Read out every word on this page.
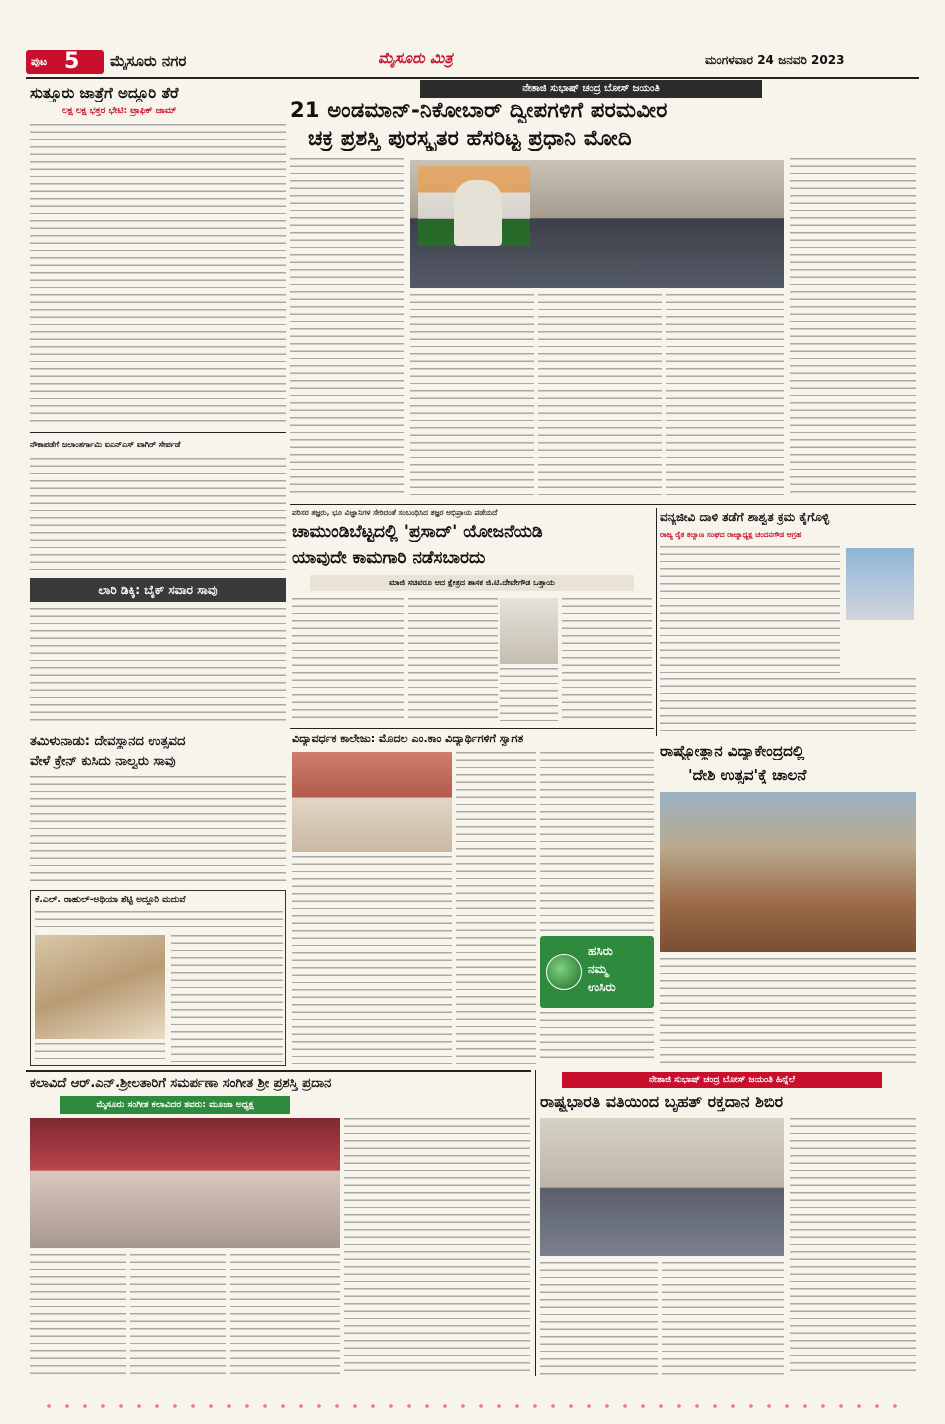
ಪುಟ 5 ಮೈಸೂರು ನಗರ	ಮೈಸೂರು ಮಿತ್ರ	ಮಂಗಳವಾರ 24 ಜನವರಿ 2023
ಸುತ್ತೂರು ಜಾತ್ರೆಗೆ ಅದ್ಧೂರಿ ತೆರೆ
ಲಕ್ಷ ಲಕ್ಷ ಭಕ್ತರ ಭೇಟಿ: ಟ್ರಾಫಿಕ್ ಜಾಮ್
ನೌಕಾಪಡೆಗೆ ಜಲಾಂತರ್ಗಾಮಿ ಐಎನ್‌ಎಸ್ ವಾಗಿರ್ ಸೇರ್ಪಡೆ
ಲಾರಿ ಡಿಕ್ಕಿ: ಬೈಕ್ ಸವಾರ ಸಾವು
ತಮಿಳುನಾಡು: ದೇವಸ್ಥಾನದ ಉತ್ಸವದ
ವೇಳೆ ಕ್ರೇನ್ ಕುಸಿದು ನಾಲ್ವರು ಸಾವು
ಕೆ.ಎಲ್. ರಾಹುಲ್-ಅಥಿಯಾ ಶೆಟ್ಟಿ ಅದ್ಧೂರಿ ಮದುವೆ
ನೇತಾಜಿ ಸುಭಾಷ್ ಚಂದ್ರ ಬೋಸ್ ಜಯಂತಿ
21 ಅಂಡಮಾನ್-ನಿಕೋಬಾರ್ ದ್ವೀಪಗಳಿಗೆ ಪರಮವೀರ
ಚಕ್ರ ಪ್ರಶಸ್ತಿ ಪುರಸ್ಕೃತರ ಹೆಸರಿಟ್ಟ ಪ್ರಧಾನಿ ಮೋದಿ
ಪರಿಸರ ತಜ್ಞರು, ಭೂ ವಿಜ್ಞಾನಿಗಳ ಸೇರಿದಂತೆ ಸಂಬಂಧಿಸಿದ ತಜ್ಞರ ಅಭಿಪ್ರಾಯ ಪಡೆಯದೆ
ಚಾಮುಂಡಿಬೆಟ್ಟದಲ್ಲಿ 'ಪ್ರಸಾದ್' ಯೋಜನೆಯಡಿ
ಯಾವುದೇ ಕಾಮಗಾರಿ ನಡೆಸಬಾರದು
ಮಾಜಿ ಸಚಿವರೂ ಆದ ಕ್ಷೇತ್ರದ ಶಾಸಕ ಜಿ.ಟಿ.ದೇವೇಗೌಡ ಒತ್ತಾಯ
ವನ್ಯಜೀವಿ ದಾಳಿ ತಡೆಗೆ ಶಾಶ್ವತ ಕ್ರಮ ಕೈಗೊಳ್ಳಿ
ರಾಜ್ಯ ರೈತ ಕಲ್ಯಾಣ ಸಂಘದ ರಾಜ್ಯಾಧ್ಯಕ್ಷ ಚಂದನಗೌಡ ಆಗ್ರಹ
ರಾಷ್ಟ್ರೋತ್ಥಾನ ವಿದ್ಯಾಕೇಂದ್ರದಲ್ಲಿ
'ದೇಶಿ ಉತ್ಸವ'ಕ್ಕೆ ಚಾಲನೆ
ವಿದ್ಯಾವರ್ಧಕ ಕಾಲೇಜು: ಮೊದಲ ಎಂ.ಕಾಂ ವಿದ್ಯಾರ್ಥಿಗಳಿಗೆ ಸ್ವಾಗತ
ಹಸಿರು
ನಮ್ಮ
ಉಸಿರು
ಕಲಾವಿದೆ ಆರ್.ಎನ್.ಶ್ರೀಲತಾರಿಗೆ ಸಮರ್ಪಣಾ ಸಂಗೀತ ಶ್ರೀ ಪ್ರಶಸ್ತಿ ಪ್ರದಾನ
ಮೈಸೂರು ಸಂಗೀತ ಕಲಾವಿದರ ತವರು: ಮೂಜಾ ಅಧ್ಯಕ್ಷ
ನೇತಾಜಿ ಸುಭಾಷ್ ಚಂದ್ರ ಬೋಸ್ ಜಯಂತಿ ಹಿನ್ನೆಲೆ
ರಾಷ್ಟ್ರಭಾರತಿ ವತಿಯಿಂದ ಬೃಹತ್ ರಕ್ತದಾನ ಶಿಬಿರ
